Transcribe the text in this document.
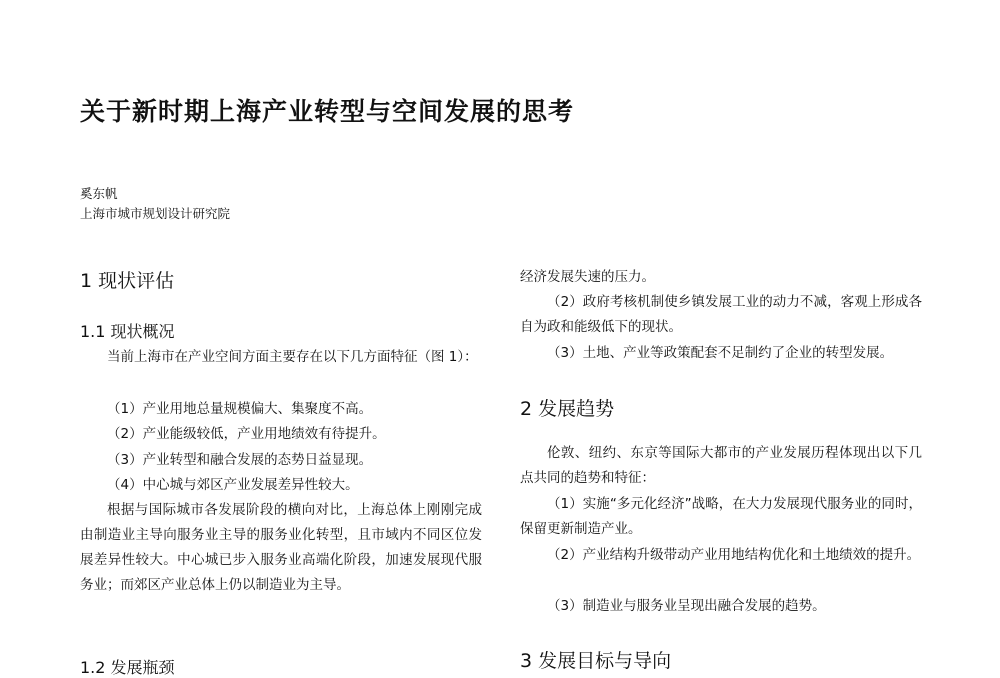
关于新时期上海产业转型与空间发展的思考
奚东帆
上海市城市规划设计研究院
1 现状评估
1.1 现状概况
当前上海市在产业空间方面主要存在以下几方面特征（图 1）：
（1）产业用地总量规模偏大、集聚度不高。
（2）产业能级较低，产业用地绩效有待提升。
（3）产业转型和融合发展的态势日益显现。
（4）中心城与郊区产业发展差异性较大。
根据与国际城市各发展阶段的横向对比，上海总体上刚刚完成由制造业主导向服务业主导的服务业化转型，且市域内不同区位发展差异性较大。中心城已步入服务业高端化阶段，加速发展现代服务业；而郊区产业总体上仍以制造业为主导。
1.2 发展瓶颈
经济发展失速的压力。
（2）政府考核机制使乡镇发展工业的动力不减，客观上形成各自为政和能级低下的现状。
（3）土地、产业等政策配套不足制约了企业的转型发展。
2 发展趋势
伦敦、纽约、东京等国际大都市的产业发展历程体现出以下几点共同的趋势和特征：
（1）实施“多元化经济”战略，在大力发展现代服务业的同时，保留更新制造产业。
（2）产业结构升级带动产业用地结构优化和土地绩效的提升。
（3）制造业与服务业呈现出融合发展的趋势。
3 发展目标与导向
